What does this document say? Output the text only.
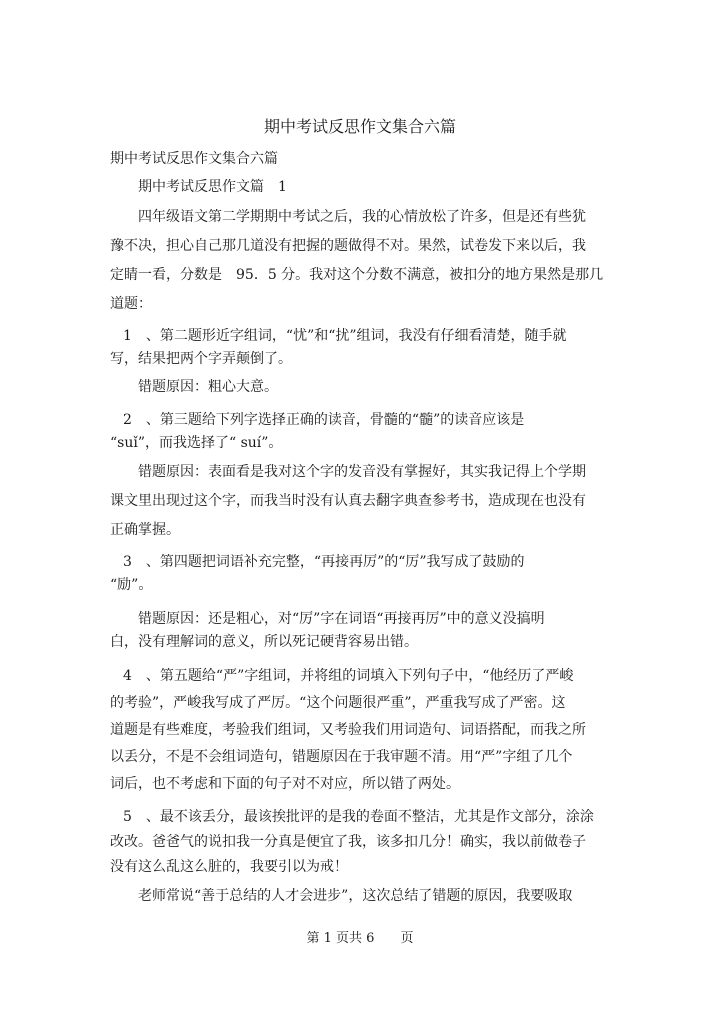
期中考试反思作文集合六篇
期中考试反思作文集合六篇
期中考试反思作文篇　1
四年级语文第二学期期中考试之后，我的心情放松了许多，但是还有些犹
豫不决，担心自己那几道没有把握的题做得不对。果然，试卷发下来以后，我
定睛一看，分数是　95．5 分。我对这个分数不满意，被扣分的地方果然是那几
道题：
1　、第二题形近字组词，“忧”和“扰”组词，我没有仔细看清楚，随手就
写，结果把两个字弄颠倒了。
错题原因：粗心大意。
2　、第三题给下列字选择正确的读音，骨髓的“髓”的读音应该是
“suǐ”，而我选择了“ suí”。
错题原因：表面看是我对这个字的发音没有掌握好，其实我记得上个学期
课文里出现过这个字，而我当时没有认真去翻字典查参考书，造成现在也没有
正确掌握。
3　、第四题把词语补充完整，“再接再厉”的“厉”我写成了鼓励的
“励”。
错题原因：还是粗心，对“厉”字在词语“再接再厉”中的意义没搞明
白，没有理解词的意义，所以死记硬背容易出错。
4　、第五题给“严”字组词，并将组的词填入下列句子中，“他经历了严峻
的考验”，严峻我写成了严厉。“这个问题很严重”，严重我写成了严密。这
道题是有些难度，考验我们组词，又考验我们用词造句、词语搭配，而我之所
以丢分，不是不会组词造句，错题原因在于我审题不清。用“严”字组了几个
词后，也不考虑和下面的句子对不对应，所以错了两处。
5　、最不该丢分，最该挨批评的是我的卷面不整洁，尤其是作文部分，涂涂
改改。爸爸气的说扣我一分真是便宜了我，该多扣几分！确实，我以前做卷子
没有这么乱这么脏的，我要引以为戒！
老师常说“善于总结的人才会进步”，这次总结了错题的原因，我要吸取
第 1 页共 6　　页
